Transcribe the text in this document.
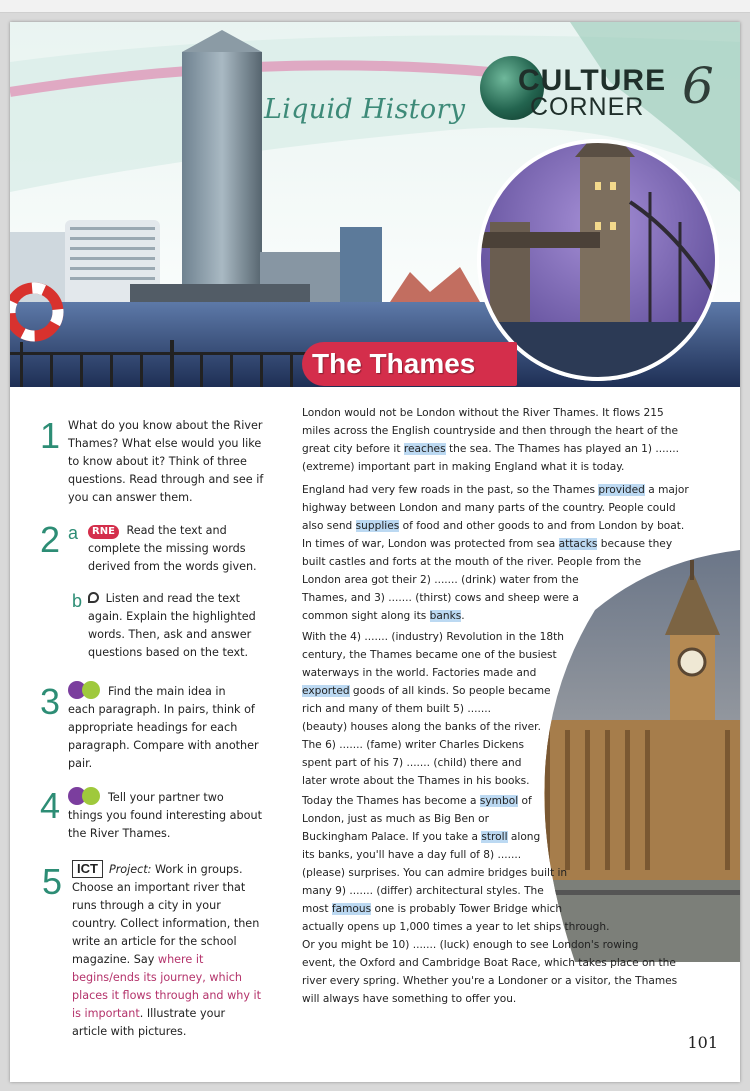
Liquid History
CULTURE
CORNER 6
The Thames
1 What do you know about the River
Thames? What else would you like
to know about it? Think of three
questions. Read through and see if
you can answer them.
2 a	RNE Read the text and
complete the missing words
derived from the words given.
b	Listen and read the text
again. Explain the highlighted
words. Then, ask and answer
questions based on the text.
3	Find the main idea in
each paragraph. In pairs, think of
appropriate headings for each
paragraph. Compare with another
pair.
4	Tell your partner two
things you found interesting about
the River Thames.
5	ICT Project: Work in groups.
Choose an important river that
runs through a city in your
country. Collect information, then
write an article for the school
magazine. Say where it
begins/ends its journey, which
places it flows through and why it
is important. Illustrate your
article with pictures.
London would not be London without the River Thames. It flows 215
miles across the English countryside and then through the heart of the
great city before it reaches the sea. The Thames has played an 1) .......
(extreme) important part in making England what it is today.
England had very few roads in the past, so the Thames provided a major
highway between London and many parts of the country. People could
also send supplies of food and other goods to and from London by boat.
In times of war, London was protected from sea attacks because they
built castles and forts at the mouth of the river. People from the
London area got their 2) ....... (drink) water from the
Thames, and 3) ....... (thirst) cows and sheep were a
common sight along its banks.
With the 4) ....... (industry) Revolution in the 18th
century, the Thames became one of the busiest
waterways in the world. Factories made and
exported goods of all kinds. So people became
rich and many of them built 5) .......
(beauty) houses along the banks of the river.
The 6) ....... (fame) writer Charles Dickens
spent part of his 7) ....... (child) there and
later wrote about the Thames in his books.
Today the Thames has become a symbol of
London, just as much as Big Ben or
Buckingham Palace. If you take a stroll along
its banks, you'll have a day full of 8) .......
(please) surprises. You can admire bridges built in
many 9) ....... (differ) architectural styles. The
most famous one is probably Tower Bridge which
actually opens up 1,000 times a year to let ships through.
Or you might be 10) ....... (luck) enough to see London's rowing
event, the Oxford and Cambridge Boat Race, which takes place on the
river every spring. Whether you're a Londoner or a visitor, the Thames
will always have something to offer you.
101
